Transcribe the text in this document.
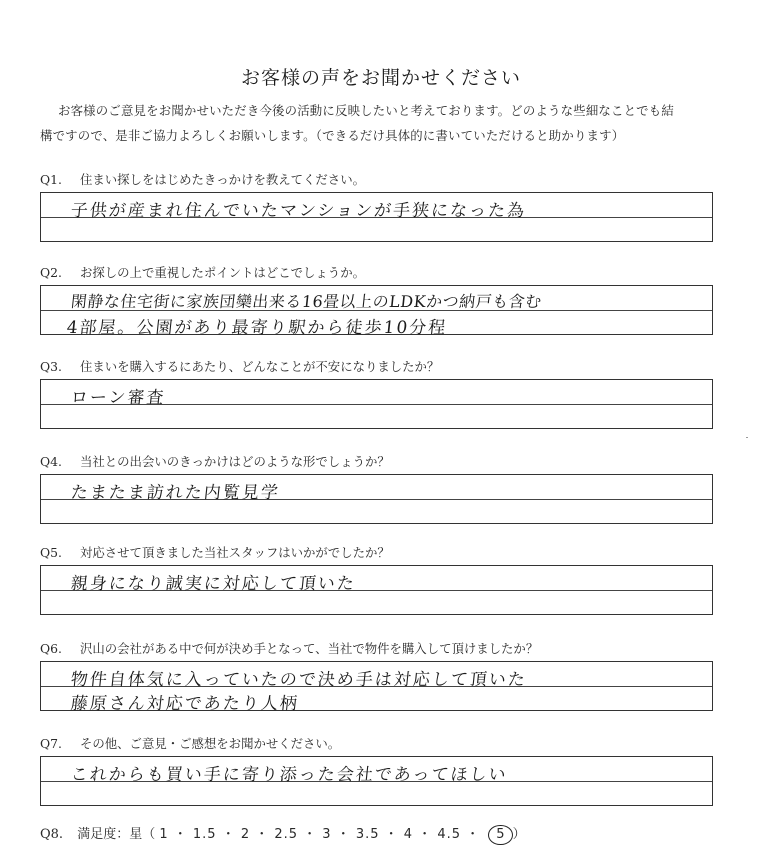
お客様の声をお聞かせください
お客様のご意見をお聞かせいただき今後の活動に反映したいと考えております。どのような些細なことでも結
構ですので、是非ご協力よろしくお願いします。（できるだけ具体的に書いていただけると助かります）
Q1. 住まい探しをはじめたきっかけを教えてください。
子供が産まれ住んでいたマンションが手狭になった為
Q2. お探しの上で重視したポイントはどこでしょうか。
閑静な住宅街に家族団欒出来る16畳以上のLDKかつ納戸も含む
4部屋。公園があり最寄り駅から徒歩10分程
Q3. 住まいを購入するにあたり、どんなことが不安になりましたか？
ローン審査
Q4. 当社との出会いのきっかけはどのような形でしょうか？
たまたま訪れた内覧見学
Q5. 対応させて頂きました当社スタッフはいかがでしたか？
親身になり誠実に対応して頂いた
Q6. 沢山の会社がある中で何が決め手となって、当社で物件を購入して頂けましたか？
物件自体気に入っていたので決め手は対応して頂いた
藤原さん対応であたり人柄
Q7. その他、ご意見・ご感想をお聞かせください。
これからも買い手に寄り添った会社であってほしい
Q8. 満足度：星（ 1 ・ 1.5 ・ 2 ・ 2.5 ・ 3 ・ 3.5 ・ 4 ・ 4.5 ・ 5 ）
